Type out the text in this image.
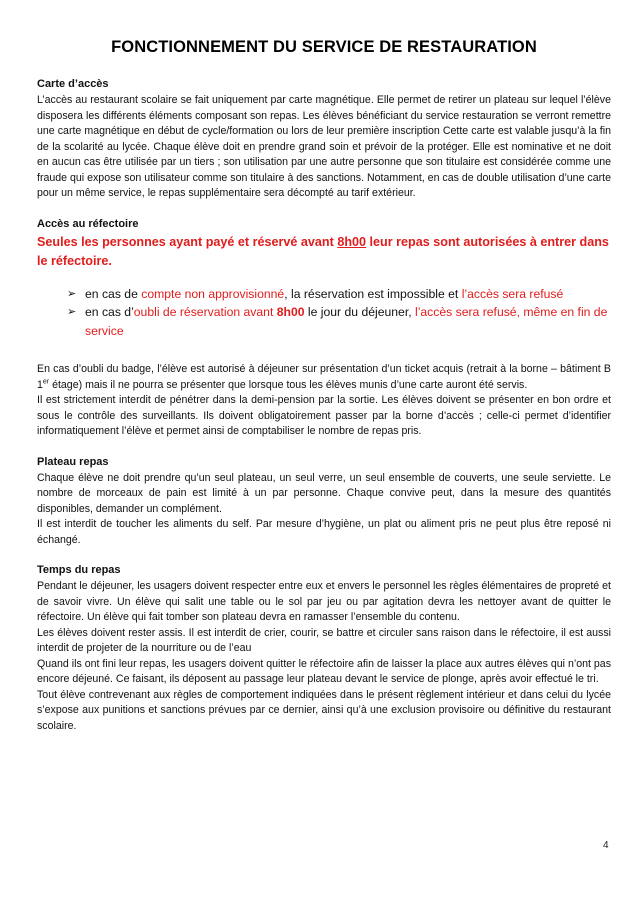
FONCTIONNEMENT DU SERVICE DE RESTAURATION
Carte d’accès

L’accès au restaurant scolaire se fait uniquement par carte magnétique. Elle permet de retirer un plateau sur lequel l’élève disposera les différents éléments composant son repas. Les élèves bénéficiant du service restauration se verront remettre une carte magnétique en début de cycle/formation ou lors de leur première inscription Cette carte est valable jusqu’à la fin de la scolarité au lycée. Chaque élève doit en prendre grand soin et prévoir de la protéger. Elle est nominative et ne doit en aucun cas être utilisée par un tiers ; son utilisation par une autre personne que son titulaire est considérée comme une fraude qui expose son utilisateur comme son titulaire à des sanctions. Notamment, en cas de double utilisation d’une carte pour un même service, le repas supplémentaire sera décompté au tarif extérieur.

Accès au réfectoire
Seules les personnes ayant payé et réservé avant 8h00 leur repas sont autorisées à entrer dans le réfectoire.
➢ en cas de compte non approvisionné, la réservation est impossible et l’accès sera refusé
➢ en cas d’oubli de réservation avant 8h00 le jour du déjeuner, l’accès sera refusé, même en fin de service

En cas d’oubli du badge, l’élève est autorisé à déjeuner sur présentation d’un ticket acquis (retrait à la borne – bâtiment B 1er étage) mais il ne pourra se présenter que lorsque tous les élèves munis d’une carte auront été servis.

Il est strictement interdit de pénétrer dans la demi-pension par la sortie. Les élèves doivent se présenter en bon ordre et sous le contrôle des surveillants. Ils doivent obligatoirement passer par la borne d’accès ; celle-ci permet d’identifier informatiquement l’élève et permet ainsi de comptabiliser le nombre de repas pris.

Plateau repas

Chaque élève ne doit prendre qu’un seul plateau, un seul verre, un seul ensemble de couverts, une seule serviette. Le nombre de morceaux de pain est limité à un par personne. Chaque convive peut, dans la mesure des quantités disponibles, demander un complément.

Il est interdit de toucher les aliments du self. Par mesure d’hygiène, un plat ou aliment pris ne peut plus être reposé ni échangé.

Temps du repas

Pendant le déjeuner, les usagers doivent respecter entre eux et envers le personnel les règles élémentaires de propreté et de savoir vivre. Un élève qui salit une table ou le sol par jeu ou par agitation devra les nettoyer avant de quitter le réfectoire. Un élève qui fait tomber son plateau devra en ramasser l’ensemble du contenu.

Les élèves doivent rester assis. Il est interdit de crier, courir, se battre et circuler sans raison dans le réfectoire, il est aussi interdit de projeter de la nourriture ou de l’eau

Quand ils ont fini leur repas, les usagers doivent quitter le réfectoire afin de laisser la place aux autres élèves qui n’ont pas encore déjeuné. Ce faisant, ils déposent au passage leur plateau devant le service de plonge, après avoir effectué le tri.

Tout élève contrevenant aux règles de comportement indiquées dans le présent règlement intérieur et dans celui du lycée s’expose aux punitions et sanctions prévues par ce dernier, ainsi qu’à une exclusion provisoire ou définitive du restaurant scolaire.

4
